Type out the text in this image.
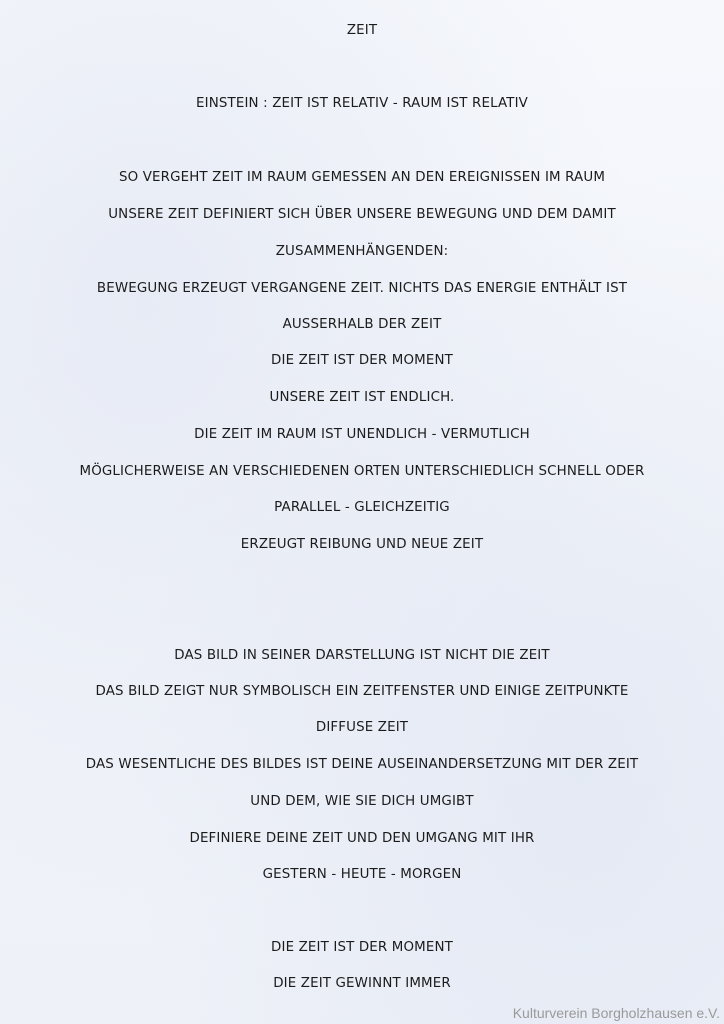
ZEIT
EINSTEIN : ZEIT IST RELATIV - RAUM IST RELATIV
SO VERGEHT ZEIT IM RAUM GEMESSEN AN DEN EREIGNISSEN IM RAUM
UNSERE ZEIT DEFINIERT SICH ÜBER UNSERE BEWEGUNG UND DEM DAMIT
ZUSAMMENHÄNGENDEN:
BEWEGUNG ERZEUGT VERGANGENE ZEIT. NICHTS DAS ENERGIE ENTHÄLT IST
AUSSERHALB DER ZEIT
DIE ZEIT IST DER MOMENT
UNSERE ZEIT IST ENDLICH.
DIE ZEIT IM RAUM IST UNENDLICH - VERMUTLICH
MÖGLICHERWEISE AN VERSCHIEDENEN ORTEN UNTERSCHIEDLICH SCHNELL ODER
PARALLEL - GLEICHZEITIG
ERZEUGT REIBUNG UND NEUE ZEIT
DAS BILD IN SEINER DARSTELLUNG IST NICHT DIE ZEIT
DAS BILD ZEIGT NUR SYMBOLISCH EIN ZEITFENSTER UND EINIGE ZEITPUNKTE
DIFFUSE ZEIT
DAS WESENTLICHE DES BILDES IST DEINE AUSEINANDERSETZUNG MIT DER ZEIT
UND DEM, WIE SIE DICH UMGIBT
DEFINIERE DEINE ZEIT UND DEN UMGANG MIT IHR
GESTERN - HEUTE - MORGEN
DIE ZEIT IST DER MOMENT
DIE ZEIT GEWINNT IMMER
Kulturverein Borgholzhausen e.V.
